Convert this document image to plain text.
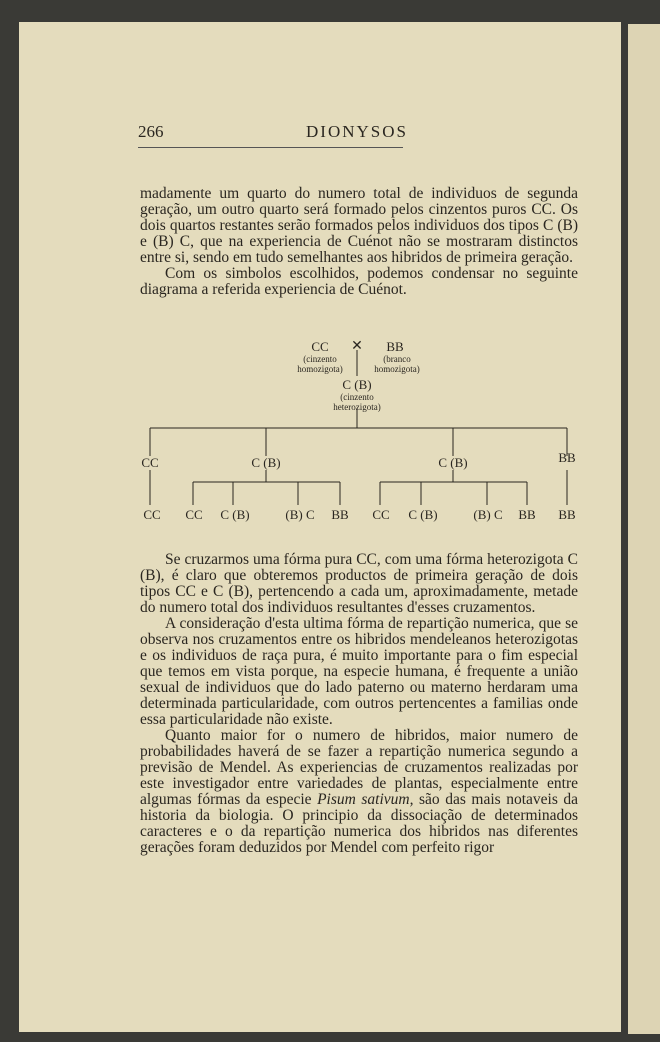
266	DIONYSOS

madamente um quarto do numero total de individuos de segunda geração, um outro quarto será formado pelos cinzentos puros CC. Os dois quartos restantes serão formados pelos individuos dos tipos C (B) e (B) C, que na experiencia de Cuénot não se mostraram distinctos entre si, sendo em tudo semelhantes aos hibridos de primeira geração.

Com os simbolos escolhidos, podemos condensar no seguinte diagrama a referida experiencia de Cuénot.

CC ✕ BB
(cinzento
homozigota)
(branco
homozigota)
C (B)
(cinzento
heterozigota)
CC	C (B)	C (B)	BB
CC CC C (B)	(B) C BB CC C (B)	(B) C BB BB

Se cruzarmos uma fórma pura CC, com uma fórma heterozigota C (B), é claro que obteremos productos de primeira geração de dois tipos CC e C (B), pertencendo a cada um, aproximadamente, metade do numero total dos individuos resultantes d'esses cruzamentos.

A consideração d'esta ultima fórma de repartição numerica, que se observa nos cruzamentos entre os hibridos mendeleanos heterozigotas e os individuos de raça pura, é muito importante para o fim especial que temos em vista porque, na especie humana, é frequente a união sexual de individuos que do lado paterno ou materno herdaram uma determinada particularidade, com outros pertencentes a familias onde essa particularidade não existe.

Quanto maior for o numero de hibridos, maior numero de probabilidades haverá de se fazer a repartição numerica segundo a previsão de Mendel. As experiencias de cruzamentos realizadas por este investigador entre variedades de plantas, especialmente entre algumas fórmas da especie Pisum sativum, são das mais notaveis da historia da biologia. O principio da dissociação de determinados caracteres e o da repartição numerica dos hibridos nas diferentes gerações foram deduzidos por Mendel com perfeito rigor
